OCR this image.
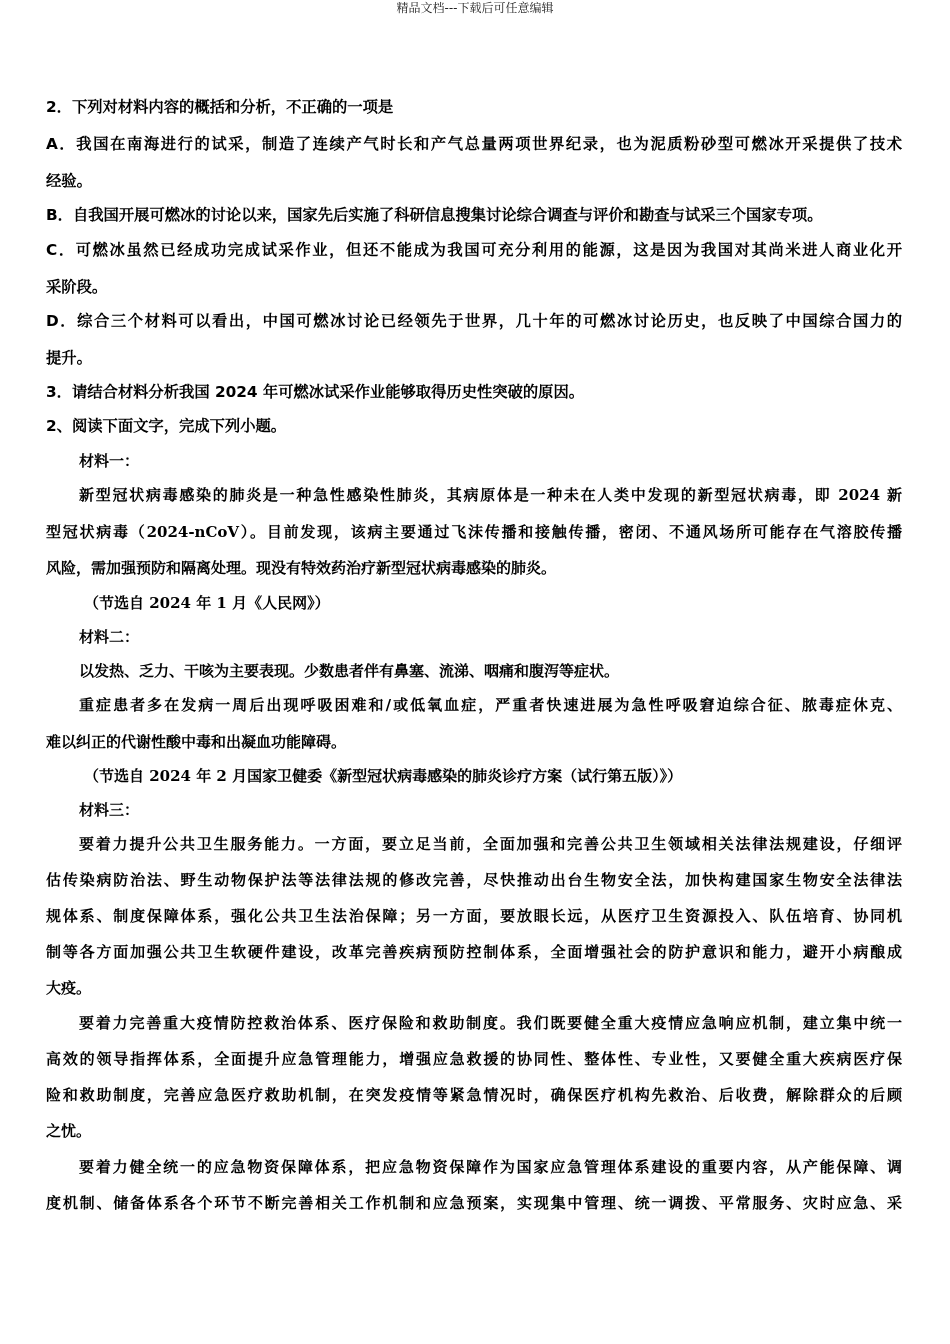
精品文档---下载后可任意编辑
2．下列对材料内容的概括和分析，不正确的一项是
A．我国在南海进行的试采，制造了连续产气时长和产气总量两项世界纪录，也为泥质粉砂型可燃冰开采提供了技术
经验。
B．自我国开展可燃冰的讨论以来，国家先后实施了科研信息搜集讨论综合调查与评价和勘查与试采三个国家专项。
C．可燃冰虽然已经成功完成试采作业，但还不能成为我国可充分利用的能源，这是因为我国对其尚米进人商业化开
采阶段。
D．综合三个材料可以看出，中国可燃冰讨论已经领先于世界，几十年的可燃冰讨论历史，也反映了中国综合国力的
提升。
3．请结合材料分析我国 2024 年可燃冰试采作业能够取得历史性突破的原因。
2、阅读下面文字，完成下列小题。
材料一：
新型冠状病毒感染的肺炎是一种急性感染性肺炎，其病原体是一种未在人类中发现的新型冠状病毒，即 2024 新
型冠状病毒（2024-nCoV）。目前发现，该病主要通过飞沫传播和接触传播，密闭、不通风场所可能存在气溶胶传播
风险，需加强预防和隔离处理。现没有特效药治疗新型冠状病毒感染的肺炎。
（节选自 2024 年 1 月《人民网》）
材料二：
以发热、乏力、干咳为主要表现。少数患者伴有鼻塞、流涕、咽痛和腹泻等症状。
重症患者多在发病一周后出现呼吸困难和/或低氧血症，严重者快速进展为急性呼吸窘迫综合征、脓毒症休克、
难以纠正的代谢性酸中毒和出凝血功能障碍。
（节选自 2024 年 2 月国家卫健委《新型冠状病毒感染的肺炎诊疗方案（试行第五版）》）
材料三：
要着力提升公共卫生服务能力。一方面，要立足当前，全面加强和完善公共卫生领域相关法律法规建设，仔细评
估传染病防治法、野生动物保护法等法律法规的修改完善，尽快推动出台生物安全法，加快构建国家生物安全法律法
规体系、制度保障体系，强化公共卫生法治保障；另一方面，要放眼长远，从医疗卫生资源投入、队伍培育、协同机
制等各方面加强公共卫生软硬件建设，改革完善疾病预防控制体系，全面增强社会的防护意识和能力，避开小病酿成
大疫。
要着力完善重大疫情防控救治体系、医疗保险和救助制度。我们既要健全重大疫情应急响应机制，建立集中统一
高效的领导指挥体系，全面提升应急管理能力，增强应急救援的协同性、整体性、专业性，又要健全重大疾病医疗保
险和救助制度，完善应急医疗救助机制，在突发疫情等紧急情况时，确保医疗机构先救治、后收费，解除群众的后顾
之忧。
要着力健全统一的应急物资保障体系，把应急物资保障作为国家应急管理体系建设的重要内容，从产能保障、调
度机制、储备体系各个环节不断完善相关工作机制和应急预案，实现集中管理、统一调拨、平常服务、灾时应急、采
